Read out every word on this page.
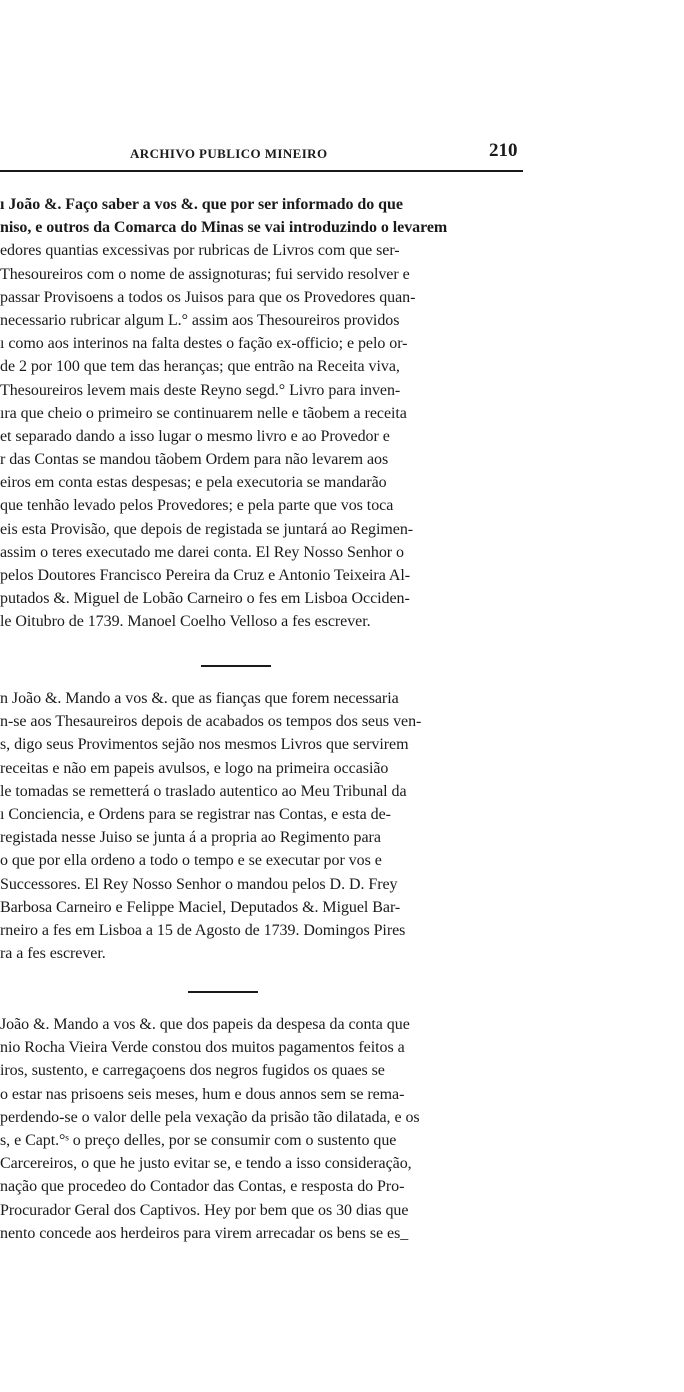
ARCHIVO PUBLICO MINEIRO	210
ı João &. Faço saber a vos &. que por ser informado do que
niso, e outros da Comarca do Minas se vai introduzindo o levarem
edores quantias excessivas por rubricas de Livros com que ser-
Thesoureiros com o nome de assignoturas; fui servido resolver e
passar Provisoens a todos os Juisos para que os Provedores quan-
necessario rubricar algum L.° assim aos Thesoureiros providos
ı como aos interinos na falta destes o fação ex-officio; e pelo or-
de 2 por 100 que tem das heranças; que entrão na Receita viva,
Thesoureiros levem mais deste Reyno segd.° Livro para inven-
ıra que cheio o primeiro se continuarem nelle e tãobem a receita
et separado dando a isso lugar o mesmo livro e ao Provedor e
r das Contas se mandou tãobem Ordem para não levarem aos
eiros em conta estas despesas; e pela executoria se mandarão
que tenhão levado pelos Provedores; e pela parte que vos toca
eis esta Provisão, que depois de registada se juntará ao Regimen-
assim o teres executado me darei conta. El Rey Nosso Senhor o
pelos Doutores Francisco Pereira da Cruz e Antonio Teixeira Al-
putados &. Miguel de Lobão Carneiro o fes em Lisboa Occiden-
le Oitubro de 1739. Manoel Coelho Velloso a fes escrever.
n João &. Mando a vos &. que as fianças que forem necessaria
n-se aos Thesaureiros depois de acabados os tempos dos seus ven-
s, digo seus Provimentos sejão nos mesmos Livros que servirem
receitas e não em papeis avulsos, e logo na primeira occasião
le tomadas se remetterá o traslado autentico ao Meu Tribunal da
ı Conciencia, e Ordens para se registrar nas Contas, e esta de-
registada nesse Juiso se junta á a propria ao Regimento para
o que por ella ordeno a todo o tempo e se executar por vos e
Successores. El Rey Nosso Senhor o mandou pelos D. D. Frey
Barbosa Carneiro e Felippe Maciel, Deputados &. Miguel Bar-
rneiro a fes em Lisboa a 15 de Agosto de 1739. Domingos Pires
ra a fes escrever.
João &. Mando a vos &. que dos papeis da despesa da conta que
nio Rocha Vieira Verde constou dos muitos pagamentos feitos a
iros, sustento, e carregaçoens dos negros fugidos os quaes se
o estar nas prisoens seis meses, hum e dous annos sem se rema-
perdendo-se o valor delle pela vexação da prisão tão dilatada, e os
s, e Capt.°ˢ o preço delles, por se consumir com o sustento que
Carcereiros, o que he justo evitar se, e tendo a isso consideração,
nação que procedeo do Contador das Contas, e resposta do Pro-
Procurador Geral dos Captivos. Hey por bem que os 30 dias que
nento concede aos herdeiros para virem arrecadar os bens se es_
